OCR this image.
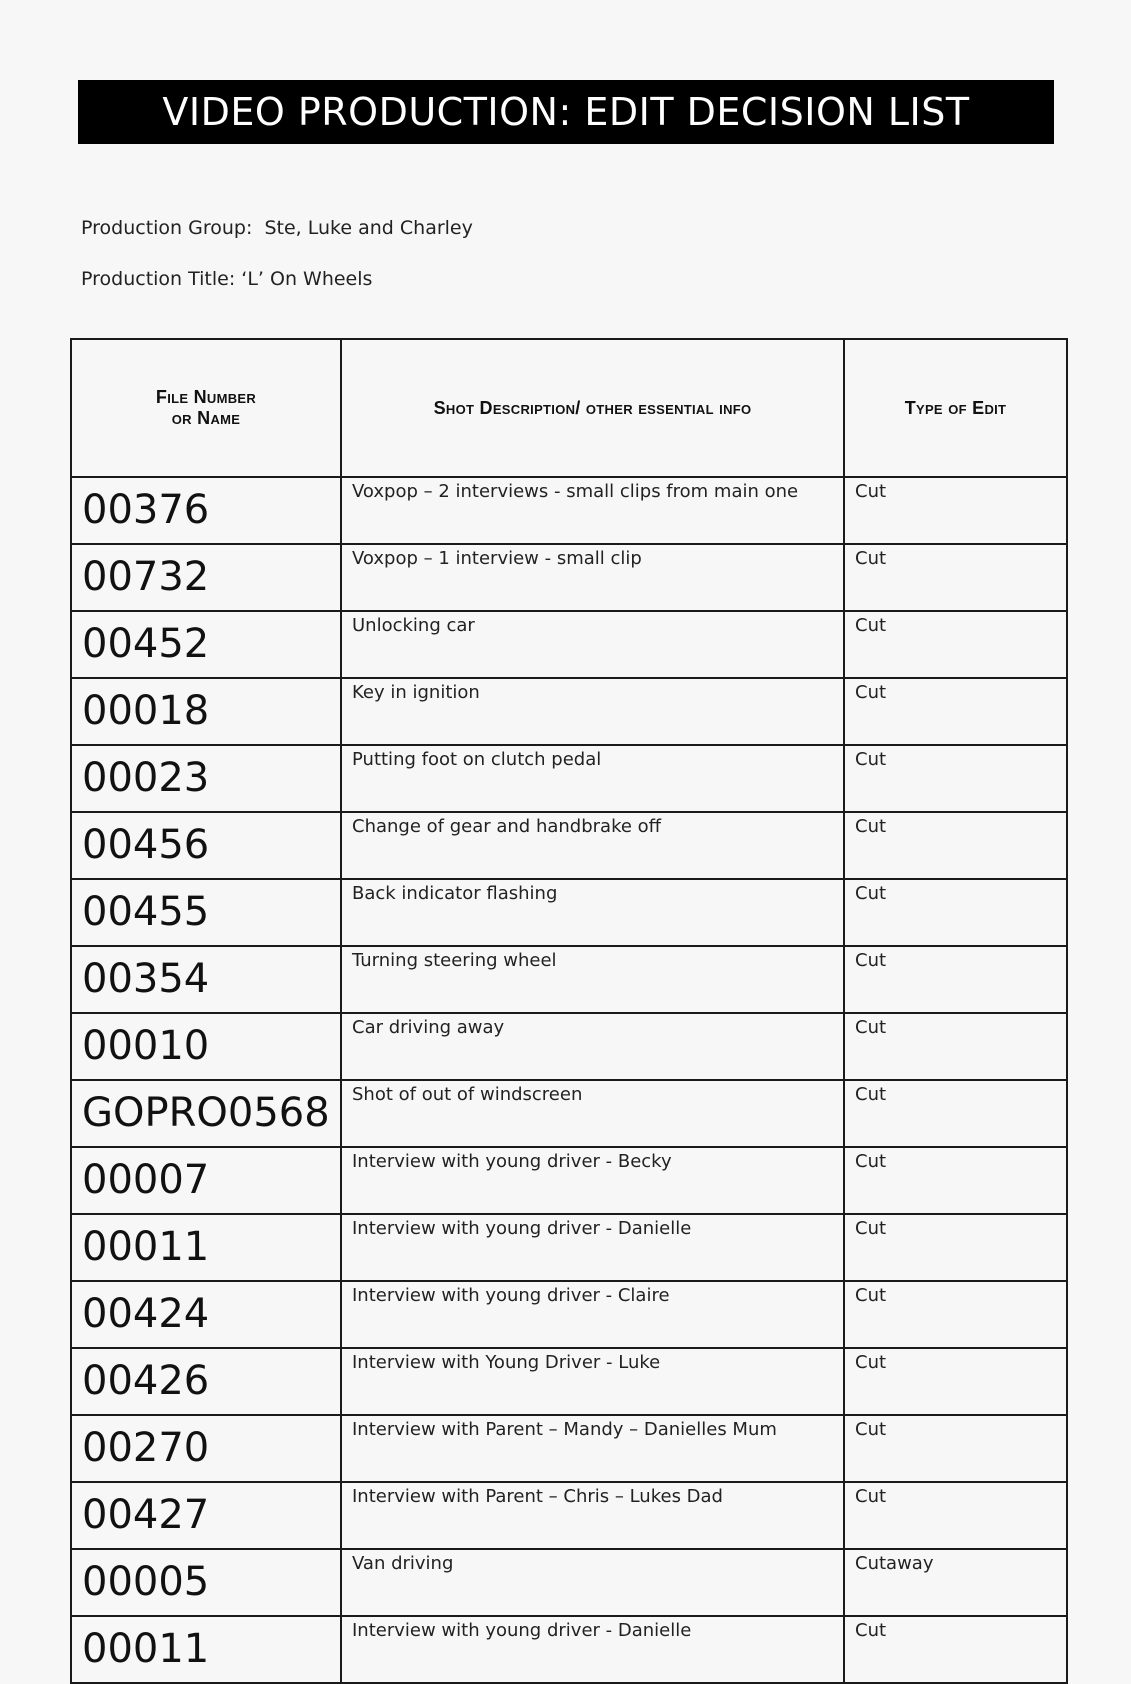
VIDEO PRODUCTION: EDIT DECISION LIST
Production Group: Ste, Luke and Charley
Production Title: ‘L’ On Wheels
File Number
or Name	Shot Description/ other essential info	Type of Edit
00376	Voxpop – 2 interviews - small clips from main one	Cut
00732	Voxpop – 1 interview - small clip	Cut
00452	Unlocking car	Cut
00018	Key in ignition	Cut
00023	Putting foot on clutch pedal	Cut
00456	Change of gear and handbrake off	Cut
00455	Back indicator flashing	Cut
00354	Turning steering wheel	Cut
00010	Car driving away	Cut
GOPRO0568	Shot of out of windscreen	Cut
00007	Interview with young driver - Becky	Cut
00011	Interview with young driver - Danielle	Cut
00424	Interview with young driver - Claire	Cut
00426	Interview with Young Driver - Luke	Cut
00270	Interview with Parent – Mandy – Danielles Mum	Cut
00427	Interview with Parent – Chris – Lukes Dad	Cut
00005	Van driving	Cutaway
00011	Interview with young driver - Danielle	Cut
